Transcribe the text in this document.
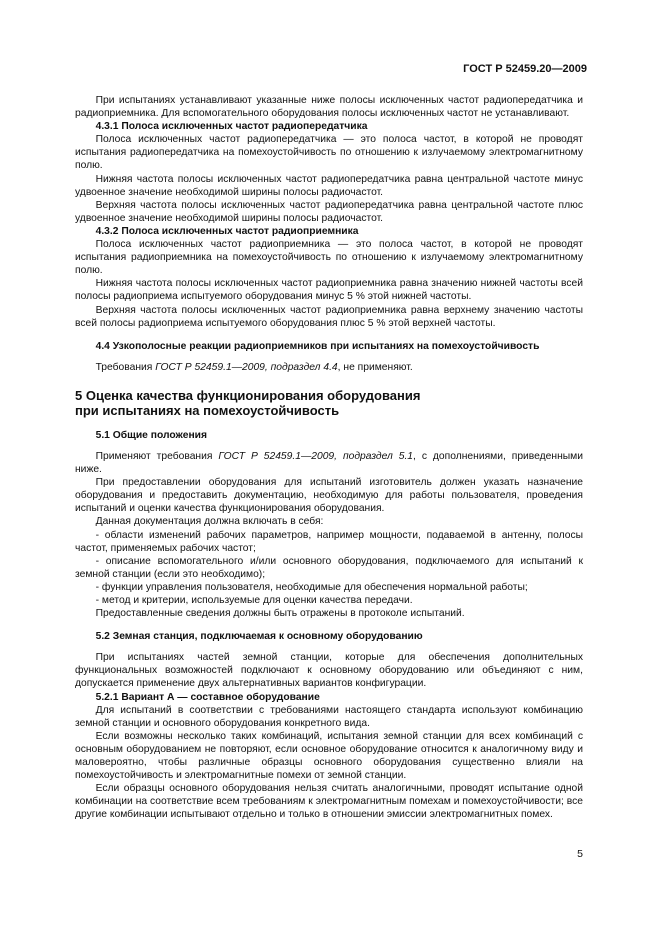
ГОСТ Р 52459.20—2009

При испытаниях устанавливают указанные ниже полосы исключенных частот радиопередатчика и радиоприемника. Для вспомогательного оборудования полосы исключенных частот не устанавливают.

4.3.1 Полоса исключенных частот радиопередатчика

Полоса исключенных частот радиопередатчика — это полоса частот, в которой не проводят испытания радиопередатчика на помехоустойчивость по отношению к излучаемому электромагнитному полю.

Нижняя частота полосы исключенных частот радиопередатчика равна центральной частоте минус удвоенное значение необходимой ширины полосы радиочастот.

Верхняя частота полосы исключенных частот радиопередатчика равна центральной частоте плюс удвоенное значение необходимой ширины полосы радиочастот.

4.3.2 Полоса исключенных частот радиоприемника

Полоса исключенных частот радиоприемника — это полоса частот, в которой не проводят испытания радиоприемника на помехоустойчивость по отношению к излучаемому электромагнитному полю.

Нижняя частота полосы исключенных частот радиоприемника равна значению нижней частоты всей полосы радиоприема испытуемого оборудования минус 5 % этой нижней частоты.

Верхняя частота полосы исключенных частот радиоприемника равна верхнему значению частоты всей полосы радиоприема испытуемого оборудования плюс 5 % этой верхней частоты.

4.4 Узкополосные реакции радиоприемников при испытаниях на помехоустойчивость

Требования ГОСТ Р 52459.1—2009, подраздел 4.4, не применяют.

5 Оценка качества функционирования оборудования
при испытаниях на помехоустойчивость
5.1 Общие положения

Применяют требования ГОСТ Р 52459.1—2009, подраздел 5.1, с дополнениями, приведенными ниже.

При предоставлении оборудования для испытаний изготовитель должен указать назначение оборудования и предоставить документацию, необходимую для работы пользователя, проведения испытаний и оценки качества функционирования оборудования.

Данная документация должна включать в себя:

- области изменений рабочих параметров, например мощности, подаваемой в антенну, полосы частот, применяемых рабочих частот;

- описание вспомогательного и/или основного оборудования, подключаемого для испытаний к земной станции (если это необходимо);

- функции управления пользователя, необходимые для обеспечения нормальной работы;

- метод и критерии, используемые для оценки качества передачи.

Предоставленные сведения должны быть отражены в протоколе испытаний.

5.2 Земная станция, подключаемая к основному оборудованию

При испытаниях частей земной станции, которые для обеспечения дополнительных функциональных возможностей подключают к основному оборудованию или объединяют с ним, допускается применение двух альтернативных вариантов конфигурации.

5.2.1 Вариант А — составное оборудование

Для испытаний в соответствии с требованиями настоящего стандарта используют комбинацию земной станции и основного оборудования конкретного вида.

Если возможны несколько таких комбинаций, испытания земной станции для всех комбинаций с основным оборудованием не повторяют, если основное оборудование относится к аналогичному виду и маловероятно, чтобы различные образцы основного оборудования существенно влияли на помехоустойчивость и электромагнитные помехи от земной станции.

Если образцы основного оборудования нельзя считать аналогичными, проводят испытание одной комбинации на соответствие всем требованиям к электромагнитным помехам и помехоустойчивости; все другие комбинации испытывают отдельно и только в отношении эмиссии электромагнитных помех.

5
